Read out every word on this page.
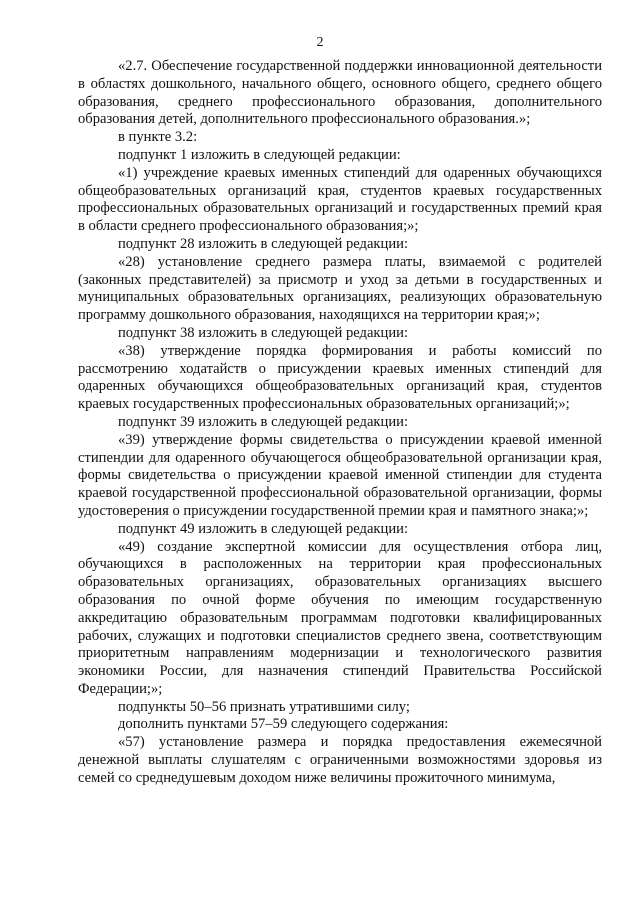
2

«2.7. Обеспечение государственной поддержки инновационной деятельности в областях дошкольного, начального общего, основного общего, среднего общего образования, среднего профессионального образования, дополнительного образования детей, дополнительного профессионального образования.»;

в пункте 3.2:

подпункт 1 изложить в следующей редакции:

«1) учреждение краевых именных стипендий для одаренных обучающихся общеобразовательных организаций края, студентов краевых государственных профессиональных образовательных организаций и государственных премий края в области среднего профессионального образования;»;

подпункт 28 изложить в следующей редакции:

«28) установление среднего размера платы, взимаемой с родителей (законных представителей) за присмотр и уход за детьми в государственных и муниципальных образовательных организациях, реализующих образовательную программу дошкольного образования, находящихся на территории края;»;

подпункт 38 изложить в следующей редакции:

«38) утверждение порядка формирования и работы комиссий по рассмотрению ходатайств о присуждении краевых именных стипендий для одаренных обучающихся общеобразовательных организаций края, студентов краевых государственных профессиональных образовательных организаций;»;

подпункт 39 изложить в следующей редакции:

«39) утверждение формы свидетельства о присуждении краевой именной стипендии для одаренного обучающегося общеобразовательной организации края, формы свидетельства о присуждении краевой именной стипендии для студента краевой государственной профессиональной образовательной организации, формы удостоверения о присуждении государственной премии края и памятного знака;»;

подпункт 49 изложить в следующей редакции:

«49) создание экспертной комиссии для осуществления отбора лиц, обучающихся в расположенных на территории края профессиональных образовательных организациях, образовательных организациях высшего образования по очной форме обучения по имеющим государственную аккредитацию образовательным программам подготовки квалифицированных рабочих, служащих и подготовки специалистов среднего звена, соответствующим приоритетным направлениям модернизации и технологического развития экономики России, для назначения стипендий Правительства Российской Федерации;»;

подпункты 50–56 признать утратившими силу;

дополнить пунктами 57–59 следующего содержания:

«57) установление размера и порядка предоставления ежемесячной денежной выплаты слушателям с ограниченными возможностями здоровья из семей со среднедушевым доходом ниже величины прожиточного минимума,
